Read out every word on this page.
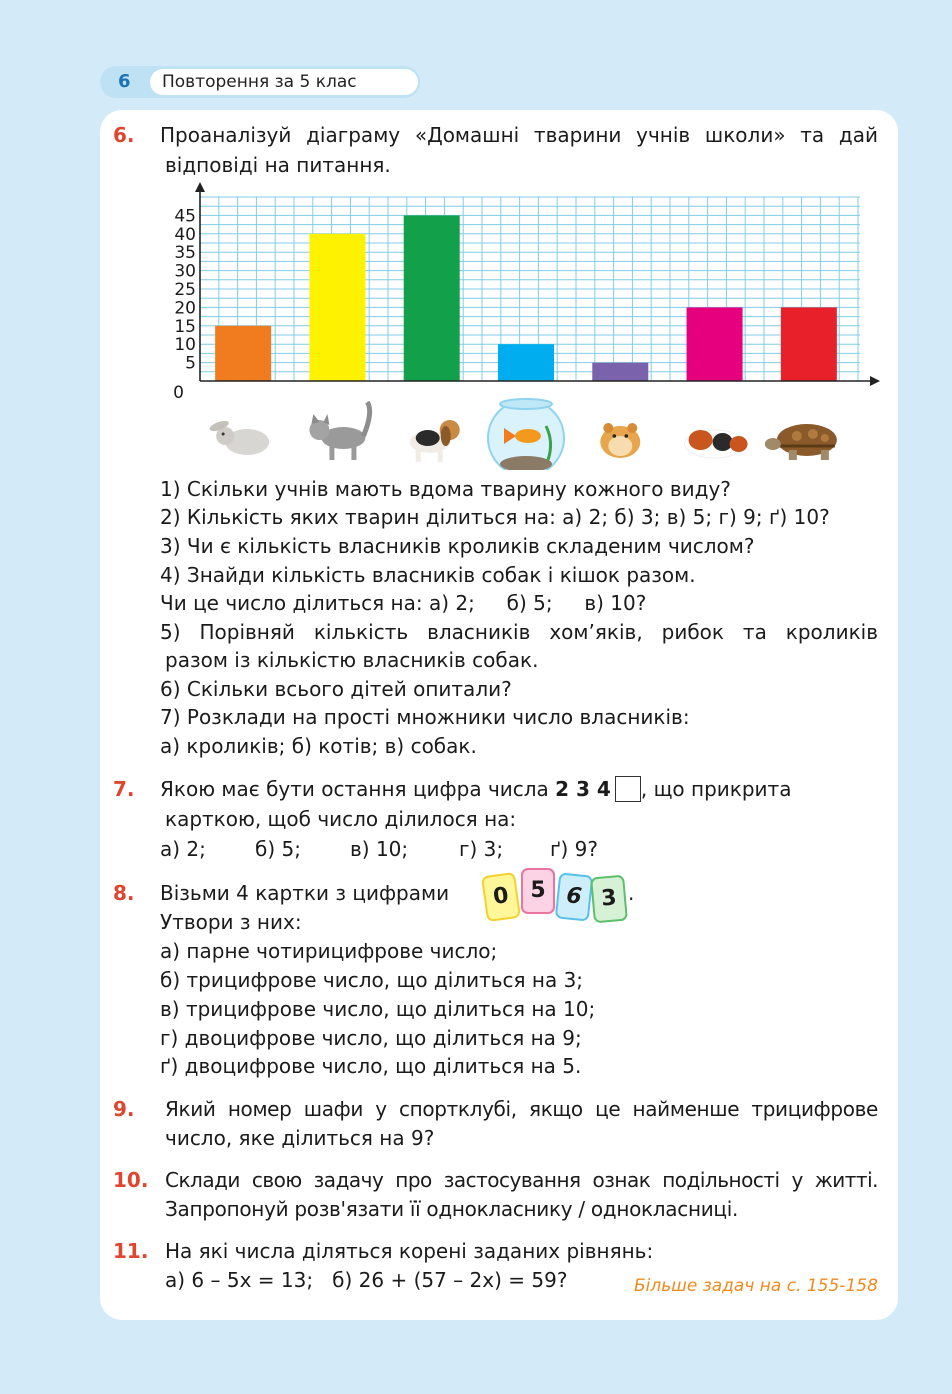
6 Повторення за 5 клас
6. Проаналізуй діаграму «Домашні тварини учнів школи» та дай
відповіді на питання.
0
5
10
15
20
25
30
35
40
45
1) Скільки учнів мають вдома тварину кожного виду?
2) Кількість яких тварин ділиться на: а) 2; б) 3; в) 5; г) 9; ґ) 10?
3) Чи є кількість власників кроликів складеним числом?
4) Знайди кількість власників собак і кішок разом.
Чи це число ділиться на: а) 2;     б) 5;     в) 10?
5) Порівняй кількість власників хом’яків, рибок та кроликів
разом із кількістю власників собак.
6) Скільки всього дітей опитали?
7) Розклади на прості множники число власників:
а) кроликів; б) котів; в) собак.
7. Якою має бути остання цифра числа 2 3 4 , що прикрита
карткою, щоб число ділилося на:
а) 2; б) 5; в) 10;	г) 3; ґ) 9?
8. Візьми 4 картки з цифрами	0 5 6 3 .
Утвори з них:
а) парне чотирицифрове число;
б) трицифрове число, що ділиться на 3;
в) трицифрове число, що ділиться на 10;
г) двоцифрове число, що ділиться на 9;
ґ) двоцифрове число, що ділиться на 5.
9. Який номер шафи у спортклубі, якщо це найменше трицифрове
число, яке ділиться на 9?
10. Склади свою задачу про застосування ознак подільності у житті.
Запропонуй розв'язати її однокласнику / однокласниці.
11. На які числа діляться корені заданих рівнянь:
а) 6 – 5x = 13;   б) 26 + (57 – 2x) = 59?	Більше задач на с. 155-158
